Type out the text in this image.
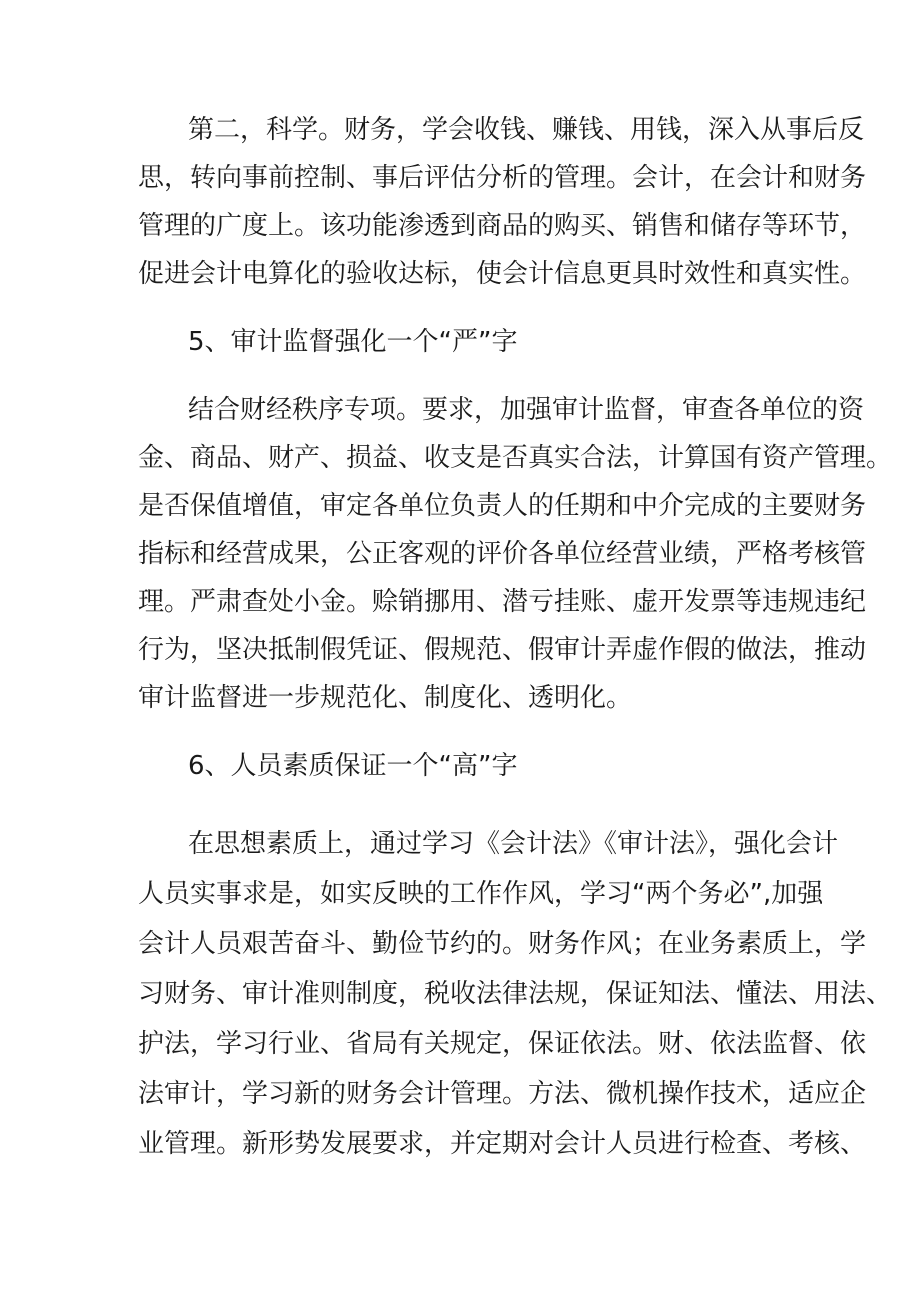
第二，科学。财务，学会收钱、赚钱、用钱，深入从事后反
思，转向事前控制、事后评估分析的管理。会计，在会计和财务
管理的广度上。该功能渗透到商品的购买、销售和储存等环节，
促进会计电算化的验收达标，使会计信息更具时效性和真实性。
5、审计监督强化一个“严”字
结合财经秩序专项。要求，加强审计监督，审查各单位的资
金、商品、财产、损益、收支是否真实合法，计算国有资产管理。
是否保值增值，审定各单位负责人的任期和中介完成的主要财务
指标和经营成果，公正客观的评价各单位经营业绩，严格考核管
理。严肃查处小金。赊销挪用、潜亏挂账、虚开发票等违规违纪
行为，坚决抵制假凭证、假规范、假审计弄虚作假的做法，推动
审计监督进一步规范化、制度化、透明化。
6、人员素质保证一个“高”字
在思想素质上，通过学习《会计法》《审计法》，强化会计
人员实事求是，如实反映的工作作风，学习“两个务必”,加强
会计人员艰苦奋斗、勤俭节约的。财务作风；在业务素质上，学
习财务、审计准则制度，税收法律法规，保证知法、懂法、用法、
护法，学习行业、省局有关规定，保证依法。财、依法监督、依
法审计，学习新的财务会计管理。方法、微机操作技术，适应企
业管理。新形势发展要求，并定期对会计人员进行检查、考核、
